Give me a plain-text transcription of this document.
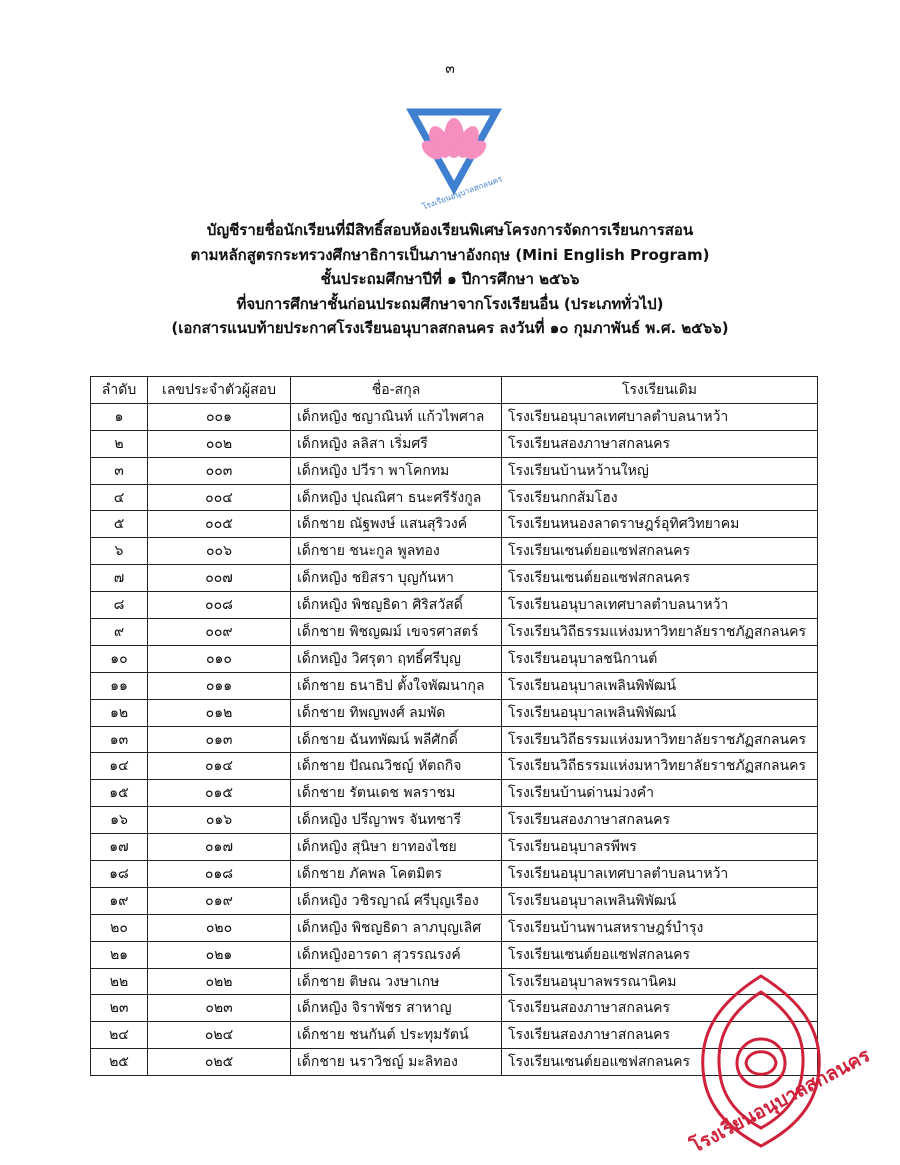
๓
โรงเรียนอนุบาลสกลนคร
บัญชีรายชื่อนักเรียนที่มีสิทธิ์สอบห้องเรียนพิเศษโครงการจัดการเรียนการสอน
ตามหลักสูตรกระทรวงศึกษาธิการเป็นภาษาอังกฤษ (Mini English Program)
ชั้นประถมศึกษาปีที่ ๑ ปีการศึกษา ๒๕๖๖
ที่จบการศึกษาชั้นก่อนประถมศึกษาจากโรงเรียนอื่น (ประเภททั่วไป)
(เอกสารแนบท้ายประกาศโรงเรียนอนุบาลสกลนคร ลงวันที่ ๑๐ กุมภาพันธ์ พ.ศ. ๒๕๖๖)
ลำดับ	เลขประจำตัวผู้สอบ	ชื่อ-สกุล	โรงเรียนเดิม
๑	๐๐๑	เด็กหญิง ชญาณินท์ แก้วไพศาล	โรงเรียนอนุบาลเทศบาลตำบลนาหว้า
๒	๐๐๒	เด็กหญิง ลลิสา เริ่มศรี	โรงเรียนสองภาษาสกลนคร
๓	๐๐๓	เด็กหญิง ปวีรา พาโคกทม	โรงเรียนบ้านหว้านใหญ่
๔	๐๐๔	เด็กหญิง ปุณณิศา ธนะศรีรังกูล	โรงเรียนกกส้มโฮง
๕	๐๐๕	เด็กชาย ณัฐพงษ์ แสนสุริวงค์	โรงเรียนหนองลาดราษฎร์อุทิศวิทยาคม
๖	๐๐๖	เด็กชาย ชนะกูล พูลทอง	โรงเรียนเซนต์ยอแซฟสกลนคร
๗	๐๐๗	เด็กหญิง ชยิสรา บุญกันหา	โรงเรียนเซนต์ยอแซฟสกลนคร
๘	๐๐๘	เด็กหญิง พิชญธิดา ศิริสวัสดิ์	โรงเรียนอนุบาลเทศบาลตำบลนาหว้า
๙	๐๐๙	เด็กชาย พิชญฒม์ เขจรศาสตร์	โรงเรียนวิถีธรรมแห่งมหาวิทยาลัยราชภัฏสกลนคร
๑๐	๐๑๐	เด็กหญิง วิศรุตา ฤทธิ์ศรีบุญ	โรงเรียนอนุบาลชนิกานต์
๑๑	๐๑๑	เด็กชาย ธนาธิป ตั้งใจพัฒนากุล	โรงเรียนอนุบาลเพลินพิพัฒน์
๑๒	๐๑๒	เด็กชาย ทิพญพงศ์ ลมพัด	โรงเรียนอนุบาลเพลินพิพัฒน์
๑๓	๐๑๓	เด็กชาย ฉันทพัฒน์ พลีศักดิ์	โรงเรียนวิถีธรรมแห่งมหาวิทยาลัยราชภัฏสกลนคร
๑๔	๐๑๔	เด็กชาย ปัณณวิชญ์ หัตถกิจ	โรงเรียนวิถีธรรมแห่งมหาวิทยาลัยราชภัฏสกลนคร
๑๕	๐๑๕	เด็กชาย รัตนเดช พลราชม	โรงเรียนบ้านด่านม่วงคำ
๑๖	๐๑๖	เด็กหญิง ปรีญาพร จันทชารี	โรงเรียนสองภาษาสกลนคร
๑๗	๐๑๗	เด็กหญิง สุนิษา ยาทองไชย	โรงเรียนอนุบาลรพีพร
๑๘	๐๑๘	เด็กชาย ภัคพล โคตมิตร	โรงเรียนอนุบาลเทศบาลตำบลนาหว้า
๑๙	๐๑๙	เด็กหญิง วชิรญาณ์ ศรีบุญเรือง	โรงเรียนอนุบาลเพลินพิพัฒน์
๒๐	๐๒๐	เด็กหญิง พิชญธิดา ลาภบุญเลิศ	โรงเรียนบ้านพานสหราษฎร์บำรุง
๒๑	๐๒๑	เด็กหญิงอารดา สุวรรณรงค์	โรงเรียนเซนต์ยอแซฟสกลนคร
๒๒	๐๒๒	เด็กชาย ติษณ วงษาเกษ	โรงเรียนอนุบาลพรรณานิคม
๒๓	๐๒๓	เด็กหญิง จิราพัชร สาหาญ	โรงเรียนสองภาษาสกลนคร
๒๔	๐๒๔	เด็กชาย ชนกันต์ ประทุมรัตน์	โรงเรียนสองภาษาสกลนคร
๒๕	๐๒๕	เด็กชาย นราวิชญ์ มะลิทอง	โรงเรียนเซนต์ยอแซฟสกลนคร
โรงเรียนอนุบาลสกลนคร
